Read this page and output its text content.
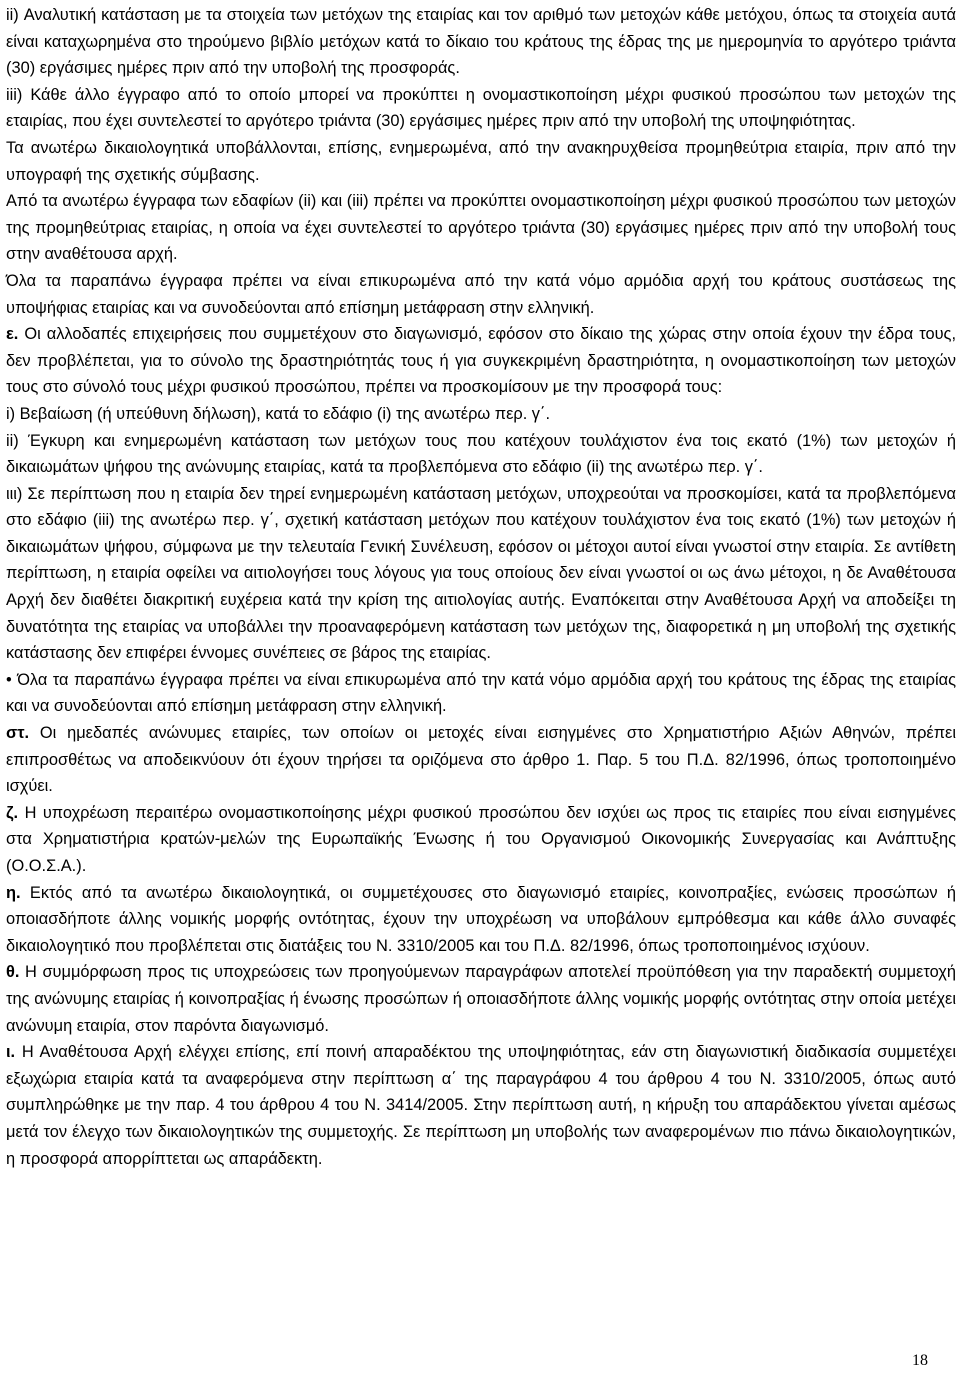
ii) Αναλυτική κατάσταση με τα στοιχεία των μετόχων της εταιρίας και τον αριθμό των μετοχών κάθε μετόχου, όπως τα στοιχεία αυτά είναι καταχωρημένα στο τηρούμενο βιβλίο μετόχων κατά το δίκαιο του κράτους της έδρας της με ημερομηνία το αργότερο τριάντα (30) εργάσιμες ημέρες πριν από την υποβολή της προσφοράς.

iii) Κάθε άλλο έγγραφο από το οποίο μπορεί να προκύπτει η ονομαστικοποίηση μέχρι φυσικού προσώπου των μετοχών της εταιρίας, που έχει συντελεστεί το αργότερο τριάντα (30) εργάσιμες ημέρες πριν από την υποβολή της υποψηφιότητας.

Τα ανωτέρω δικαιολογητικά υποβάλλονται, επίσης, ενημερωμένα, από την ανακηρυχθείσα προμηθεύτρια εταιρία, πριν από την υπογραφή της σχετικής σύμβασης.

Από τα ανωτέρω έγγραφα των εδαφίων (ii) και (iii) πρέπει να προκύπτει ονομαστικοποίηση μέχρι φυσικού προσώπου των μετοχών της προμηθεύτριας εταιρίας, η οποία να έχει συντελεστεί το αργότερο τριάντα (30) εργάσιμες ημέρες πριν από την υποβολή τους στην αναθέτουσα αρχή.

Όλα τα παραπάνω έγγραφα πρέπει να είναι επικυρωμένα από την κατά νόμο αρμόδια αρχή του κράτους συστάσεως της υποψήφιας εταιρίας και να συνοδεύονται από επίσημη μετάφραση στην ελληνική.

ε. Οι αλλοδαπές επιχειρήσεις που συμμετέχουν στο διαγωνισμό, εφόσον στο δίκαιο της χώρας στην οποία έχουν την έδρα τους, δεν προβλέπεται, για το σύνολο της δραστηριότητάς τους ή για συγκεκριμένη δραστηριότητα, η ονομαστικοποίηση των μετοχών τους στο σύνολό τους μέχρι φυσικού προσώπου, πρέπει να προσκομίσουν με την προσφορά τους:

i) Βεβαίωση (ή υπεύθυνη δήλωση), κατά το εδάφιο (i) της ανωτέρω περ. γ΄.

ii) Έγκυρη και ενημερωμένη κατάσταση των μετόχων τους που κατέχουν τουλάχιστον ένα τοις εκατό (1%) των μετοχών ή δικαιωμάτων ψήφου της ανώνυμης εταιρίας, κατά τα προβλεπόμενα στο εδάφιο (ii) της ανωτέρω περ. γ΄.

ιιι) Σε περίπτωση που η εταιρία δεν τηρεί ενημερωμένη κατάσταση μετόχων, υποχρεούται να προσκομίσει, κατά τα προβλεπόμενα στο εδάφιο (iii) της ανωτέρω περ. γ΄, σχετική κατάσταση μετόχων που κατέχουν τουλάχιστον ένα τοις εκατό (1%) των μετοχών ή δικαιωμάτων ψήφου, σύμφωνα με την τελευταία Γενική Συνέλευση, εφόσον οι μέτοχοι αυτοί είναι γνωστοί στην εταιρία. Σε αντίθετη περίπτωση, η εταιρία οφείλει να αιτιολογήσει τους λόγους για τους οποίους δεν είναι γνωστοί οι ως άνω μέτοχοι, η δε Αναθέτουσα Αρχή δεν διαθέτει διακριτική ευχέρεια κατά την κρίση της αιτιολογίας αυτής. Εναπόκειται στην Αναθέτουσα Αρχή να αποδείξει τη δυνατότητα της εταιρίας να υποβάλλει την προαναφερόμενη κατάσταση των μετόχων της, διαφορετικά η μη υποβολή της σχετικής κατάστασης δεν επιφέρει έννομες συνέπειες σε βάρος της εταιρίας.

• Όλα τα παραπάνω έγγραφα πρέπει να είναι επικυρωμένα από την κατά νόμο αρμόδια αρχή του κράτους της έδρας της εταιρίας και να συνοδεύονται από επίσημη μετάφραση στην ελληνική.

στ. Οι ημεδαπές ανώνυμες εταιρίες, των οποίων οι μετοχές είναι εισηγμένες στο Χρηματιστήριο Αξιών Αθηνών, πρέπει επιπροσθέτως να αποδεικνύουν ότι έχουν τηρήσει τα οριζόμενα στο άρθρο 1. Παρ. 5 του Π.Δ. 82/1996, όπως τροποποιημένο ισχύει.

ζ. Η υποχρέωση περαιτέρω ονομαστικοποίησης μέχρι φυσικού προσώπου δεν ισχύει ως προς τις εταιρίες που είναι εισηγμένες στα Χρηματιστήρια κρατών-μελών της Ευρωπαϊκής Ένωσης ή του Οργανισμού Οικονομικής Συνεργασίας και Ανάπτυξης (Ο.Ο.Σ.Α.).

η. Εκτός από τα ανωτέρω δικαιολογητικά, οι συμμετέχουσες στο διαγωνισμό εταιρίες, κοινοπραξίες, ενώσεις προσώπων ή οποιασδήποτε άλλης νομικής μορφής οντότητας, έχουν την υποχρέωση να υποβάλουν εμπρόθεσμα και κάθε άλλο συναφές δικαιολογητικό που προβλέπεται στις διατάξεις του Ν. 3310/2005 και του Π.Δ. 82/1996, όπως τροποποιημένος ισχύουν.

θ. Η συμμόρφωση προς τις υποχρεώσεις των προηγούμενων παραγράφων αποτελεί προϋπόθεση για την παραδεκτή συμμετοχή της ανώνυμης εταιρίας ή κοινοπραξίας ή ένωσης προσώπων ή οποιασδήποτε άλλης νομικής μορφής οντότητας στην οποία μετέχει ανώνυμη εταιρία, στον παρόντα διαγωνισμό.

ι. Η Αναθέτουσα Αρχή ελέγχει επίσης, επί ποινή απαραδέκτου της υποψηφιότητας, εάν στη διαγωνιστική διαδικασία συμμετέχει εξωχώρια εταιρία κατά τα αναφερόμενα στην περίπτωση α΄ της παραγράφου 4 του άρθρου 4 του Ν. 3310/2005, όπως αυτό συμπληρώθηκε με την παρ. 4 του άρθρου 4 του Ν. 3414/2005. Στην περίπτωση αυτή, η κήρυξη του απαράδεκτου γίνεται αμέσως μετά τον έλεγχο των δικαιολογητικών της συμμετοχής. Σε περίπτωση μη υποβολής των αναφερομένων πιο πάνω δικαιολογητικών, η προσφορά απορρίπτεται ως απαράδεκτη.

18
